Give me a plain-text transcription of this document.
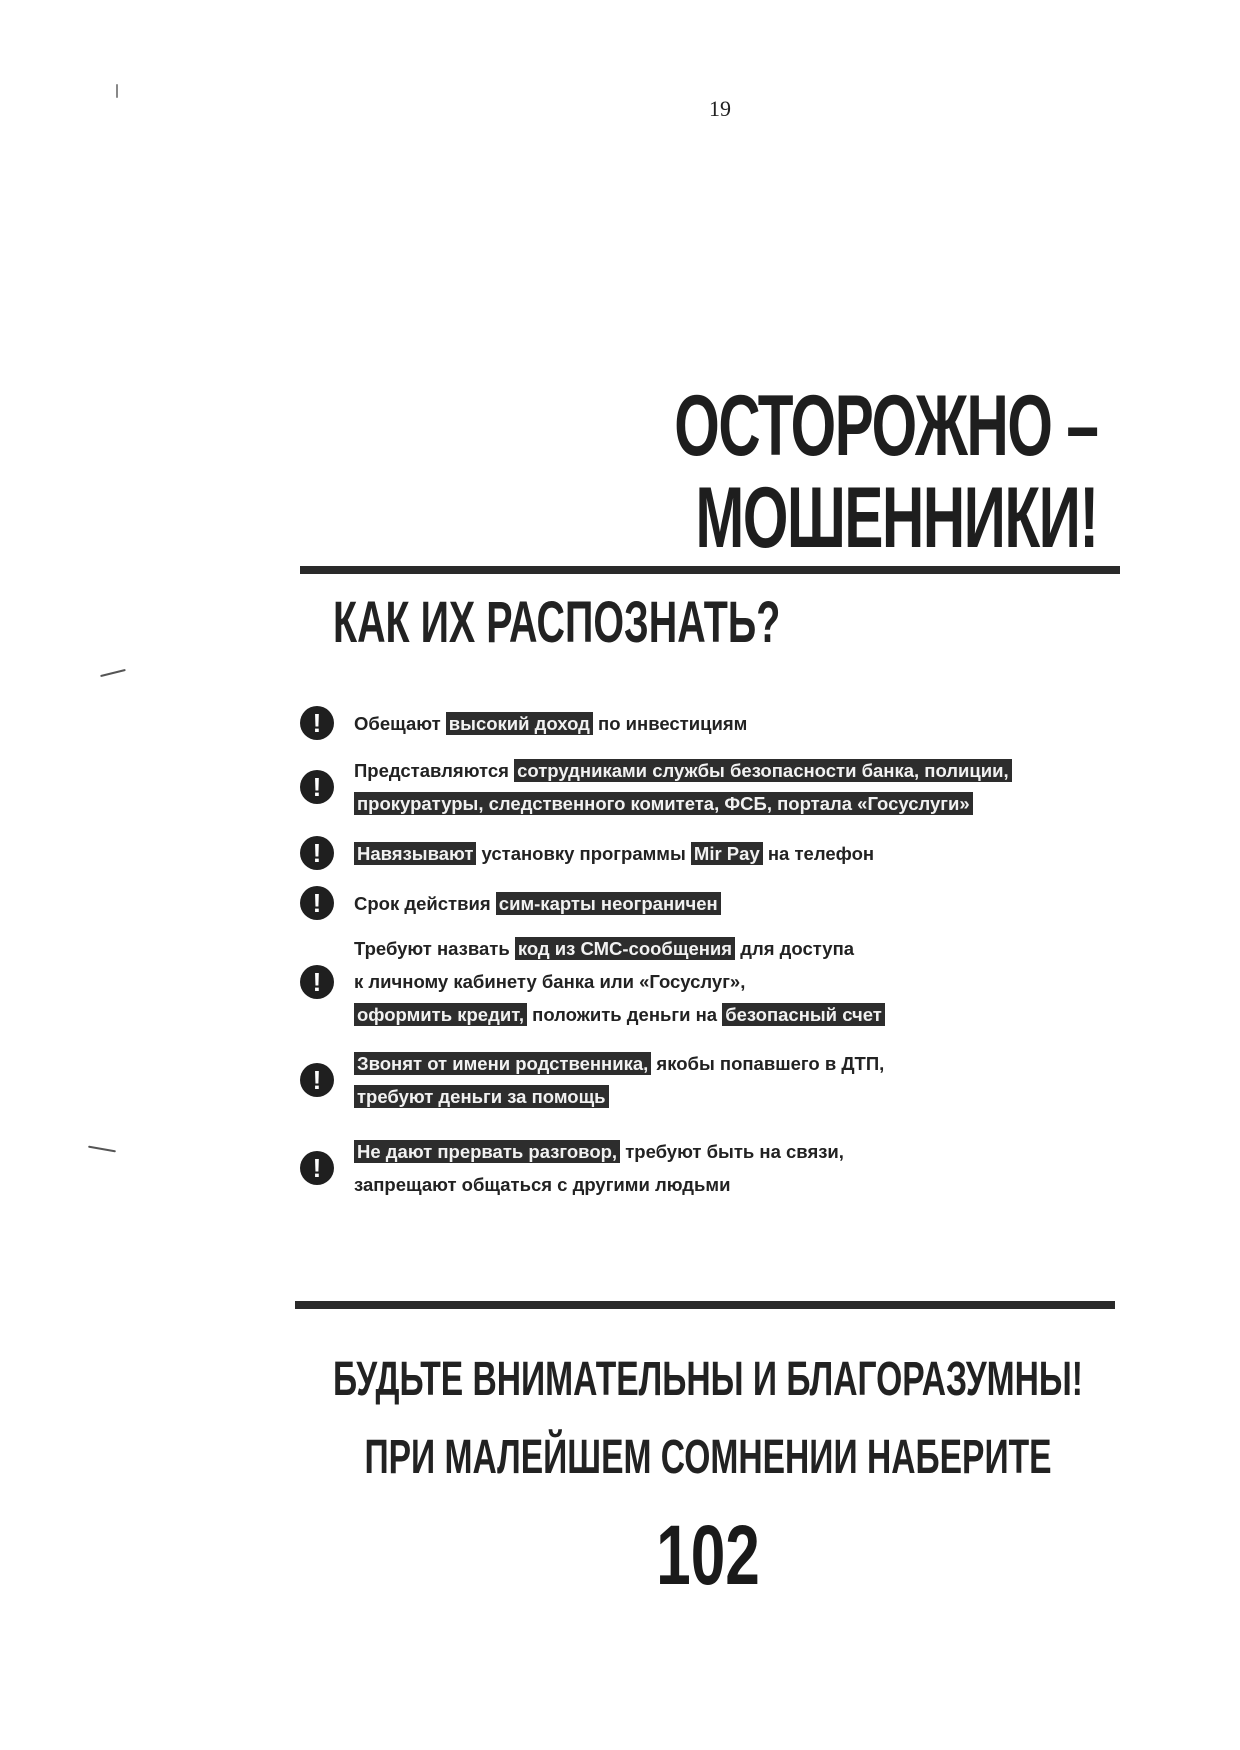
19
ОСТОРОЖНО –
МОШЕННИКИ!
КАК ИХ РАСПОЗНАТЬ?
!	Обещают высокий доход по инвестициям
!
Представляются сотрудниками службы безопасности банка, полиции,
прокуратуры, следственного комитета, ФСБ, портала «Госуслуги»
!	Навязывают установку программы Mir Pay на телефон
!	Срок действия сим-карты неограничен
!
Требуют назвать код из СМС-сообщения для доступа
к личному кабинету банка или «Госуслуг»,
оформить кредит, положить деньги на безопасный счет
!
Звонят от имени родственника, якобы попавшего в ДТП,
требуют деньги за помощь
!
Не дают прервать разговор, требуют быть на связи,
запрещают общаться с другими людьми
БУДЬТЕ ВНИМАТЕЛЬНЫ И БЛАГОРАЗУМНЫ!
ПРИ МАЛЕЙШЕМ СОМНЕНИИ НАБЕРИТЕ
102
